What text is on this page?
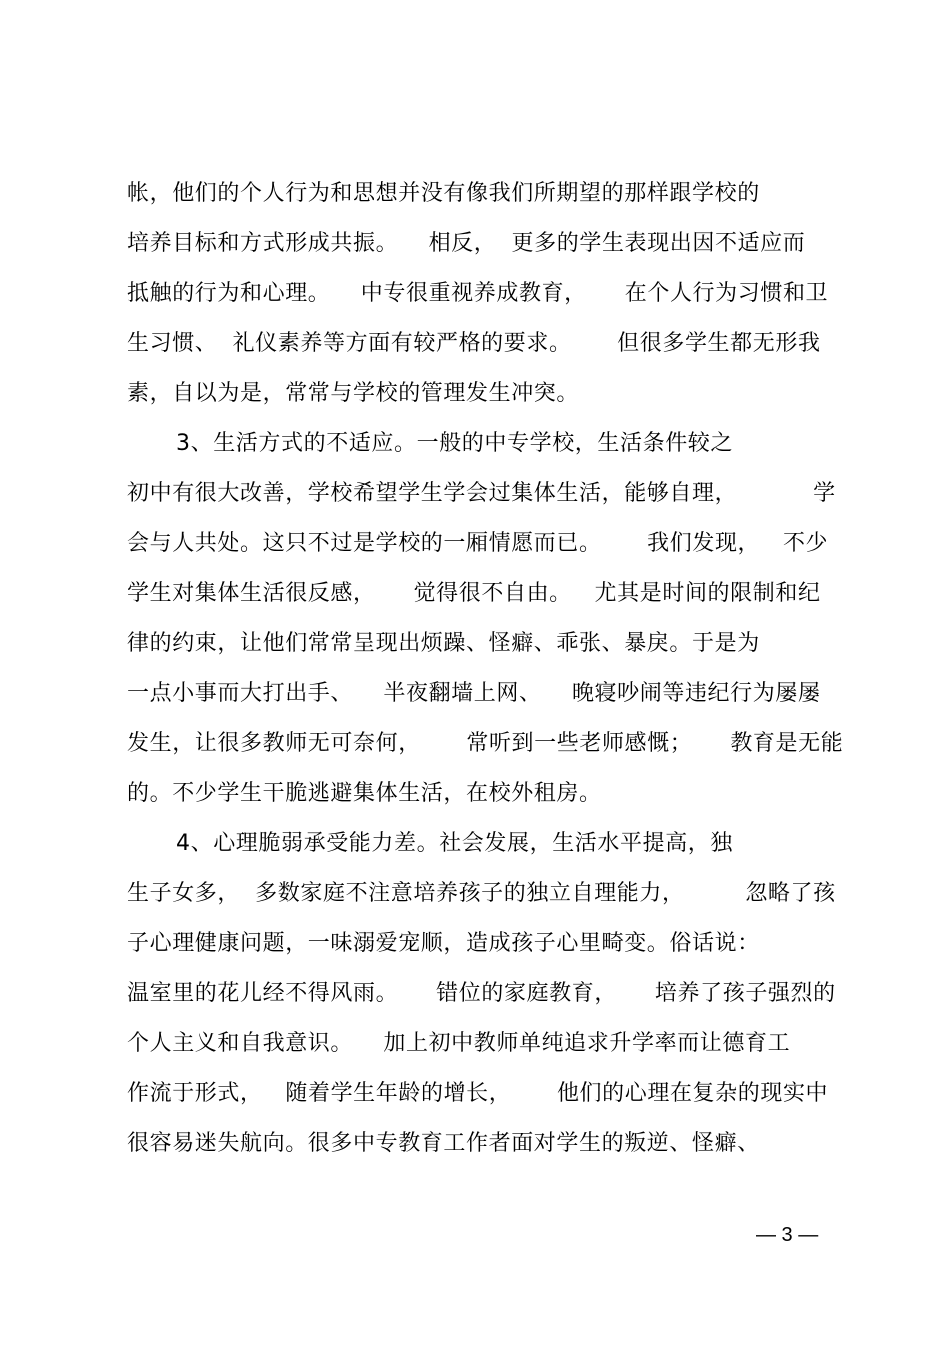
帐，他们的个人行为和思想并没有像我们所期望的那样跟学校的
培养目标和方式形成共振。    相反，  更多的学生表现出因不适应而
抵触的行为和心理。    中专很重视养成教育，     在个人行为习惯和卫
生习惯、  礼仪素养等方面有较严格的要求。      但很多学生都无形我
素，自以为是，常常与学校的管理发生冲突。
3、生活方式的不适应。一般的中专学校，生活条件较之
初中有很大改善，学校希望学生学会过集体生活，能够自理，          学
会与人共处。这只不过是学校的一厢情愿而已。      我们发现，   不少
学生对集体生活很反感，     觉得很不自由。   尤其是时间的限制和纪
律的约束，让他们常常呈现出烦躁、怪癖、乖张、暴戾。于是为
一点小事而大打出手、    半夜翻墙上网、    晚寝吵闹等违纪行为屡屡
发生，让很多教师无可奈何，      常听到一些老师感慨；     教育是无能
的。不少学生干脆逃避集体生活，在校外租房。
4、心理脆弱承受能力差。社会发展，生活水平提高，独
生子女多，  多数家庭不注意培养孩子的独立自理能力，        忽略了孩
子心理健康问题，一味溺爱宠顺，造成孩子心里畸变。俗话说：
温室里的花儿经不得风雨。     错位的家庭教育，     培养了孩子强烈的
个人主义和自我意识。    加上初中教师单纯追求升学率而让德育工
作流于形式，   随着学生年龄的增长，      他们的心理在复杂的现实中
很容易迷失航向。很多中专教育工作者面对学生的叛逆、怪癖、
— 3 —
